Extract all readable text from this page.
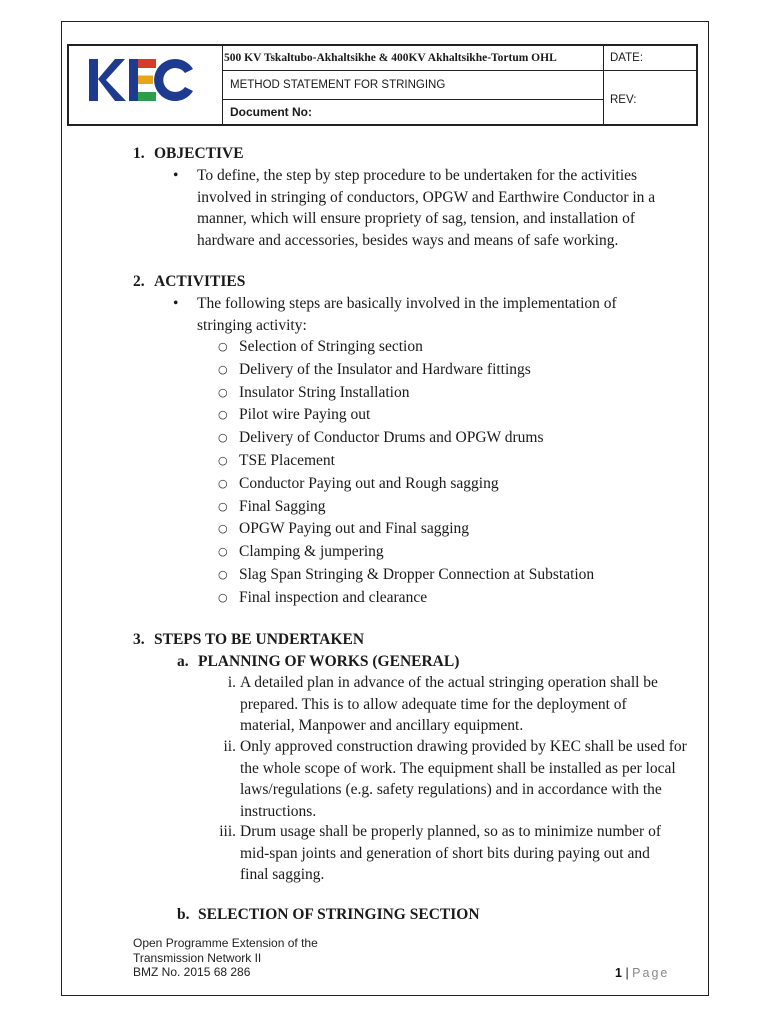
500 KV Tskaltubo-Akhaltsikhe & 400KV Akhaltsikhe-Tortum OHL
METHOD STATEMENT FOR STRINGING
Document No:
DATE:
REV:
1. OBJECTIVE
• To define, the step by step procedure to be undertaken for the activities involved in stringing of conductors, OPGW and Earthwire Conductor in a manner, which will ensure propriety of sag, tension, and installation of hardware and accessories, besides ways and means of safe working.
2. ACTIVITIES
• The following steps are basically involved in the implementation of stringing activity:
○ Selection of Stringing section
○ Delivery of the Insulator and Hardware fittings
○ Insulator String Installation
○ Pilot wire Paying out
○ Delivery of Conductor Drums and OPGW drums
○ TSE Placement
○ Conductor Paying out and Rough sagging
○ Final Sagging
○ OPGW Paying out and Final sagging
○ Clamping & jumpering
○ Slag Span Stringing & Dropper Connection at Substation
○ Final inspection and clearance
3. STEPS TO BE UNDERTAKEN
a. PLANNING OF WORKS (GENERAL)
i. A detailed plan in advance of the actual stringing operation shall be prepared. This is to allow adequate time for the deployment of material, Manpower and ancillary equipment.
ii. Only approved construction drawing provided by KEC shall be used for the whole scope of work. The equipment shall be installed as per local laws/regulations (e.g. safety regulations) and in accordance with the instructions.
iii. Drum usage shall be properly planned, so as to minimize number of mid-span joints and generation of short bits during paying out and final sagging.
b. SELECTION OF STRINGING SECTION
Open Programme Extension of the
Transmission Network II
BMZ No. 2015 68 286	1 | Page
